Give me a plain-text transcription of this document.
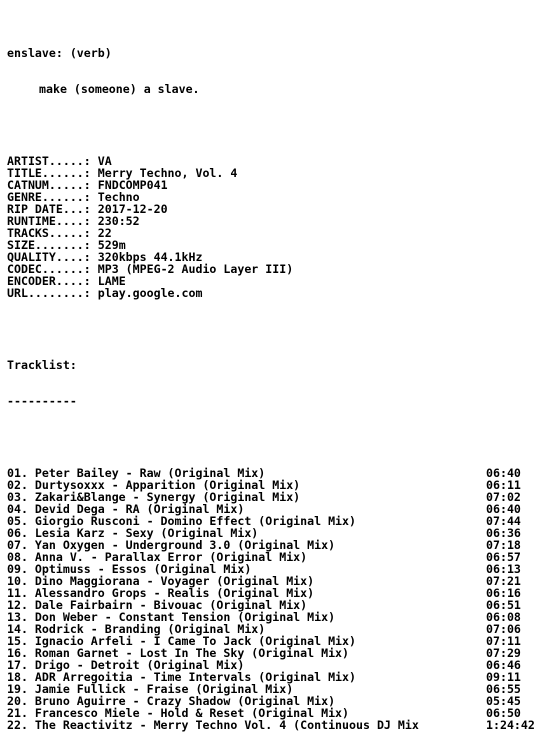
enslave: (verb)

make (someone) a slave.

ARTIST.....: VA
TITLE......: Merry Techno, Vol. 4
CATNUM.....: FNDCOMP041
GENRE......: Techno
RIP DATE...: 2017-12-20
RUNTIME....: 230:52
TRACKS.....: 22
SIZE.......: 529m
QUALITY....: 320kbps 44.1kHz
CODEC......: MP3 (MPEG-2 Audio Layer III)
ENCODER....: LAME
URL........: play.google.com

Tracklist:

----------

01. Peter Bailey - Raw (Original Mix)	06:40
02. Durtysoxxx - Apparition (Original Mix)	06:11
03. Zakari&Blange - Synergy (Original Mix)	07:02
04. Devid Dega - RA (Original Mix)	06:40
05. Giorgio Rusconi - Domino Effect (Original Mix)	07:44
06. Lesia Karz - Sexy (Original Mix)	06:36
07. Yan Oxygen - Underground 3.0 (Original Mix)	07:18
08. Anna V. - Parallax Error (Original Mix)	06:57
09. Optimuss - Essos (Original Mix)	06:13
10. Dino Maggiorana - Voyager (Original Mix)	07:21
11. Alessandro Grops - Realis (Original Mix)	06:16
12. Dale Fairbairn - Bivouac (Original Mix)	06:51
13. Don Weber - Constant Tension (Original Mix)	06:08
14. Rodrick - Branding (Original Mix)	07:06
15. Ignacio Arfeli - I Came To Jack (Original Mix)	07:11
16. Roman Garnet - Lost In The Sky (Original Mix)	07:29
17. Drigo - Detroit (Original Mix)	06:46
18. ADR Arregoitia - Time Intervals (Original Mix)	09:11
19. Jamie Fullick - Fraise (Original Mix)	06:55
20. Bruno Aguirre - Crazy Shadow (Original Mix)	05:45
21. Francesco Miele - Hold & Reset (Original Mix)	06:50
22. The Reactivitz - Merry Techno Vol. 4 (Continuous DJ Mix	1:24:42
